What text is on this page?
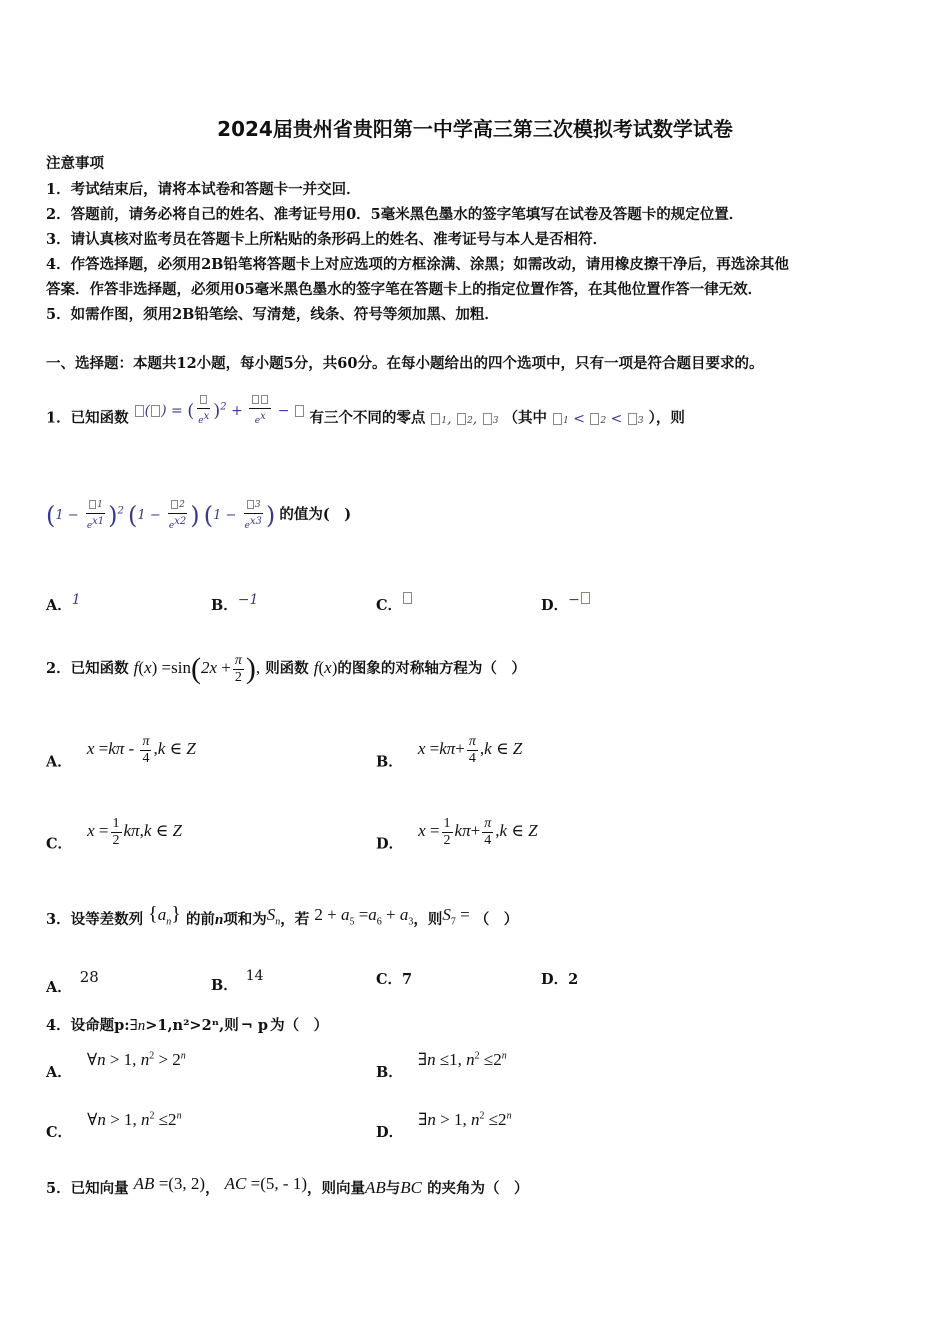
2024届贵州省贵阳第一中学高三第三次模拟考试数学试卷
注意事项
1．考试结束后，请将本试卷和答题卡一并交回．
2．答题前，请务必将自己的姓名、准考证号用0．5毫米黑色墨水的签字笔填写在试卷及答题卡的规定位置．
3．请认真核对监考员在答题卡上所粘贴的条形码上的姓名、准考证号与本人是否相符．
4．作答选择题，必须用2B铅笔将答题卡上对应选项的方框涂满、涂黑；如需改动，请用橡皮擦干净后，再选涂其他
答案．作答非选择题，必须用05毫米黑色墨水的签字笔在答题卡上的指定位置作答，在其他位置作答一律无效．
5．如需作图，须用2B铅笔绘、写清楚，线条、符号等须加黑、加粗．
一、选择题：本题共12小题，每小题5分，共60分。在每小题给出的四个选项中，只有一项是符合题目要求的。
1．已知函数 ( ) = ( $e^x$ )$^2$ +
$e^x$ −  有三个不同的零点 1, 2, 3 （其中 1 < 2 < 3 ），则
$(1 - \frac{1}{e^{x1}} )^2$ ($1 - \frac{2}{e^{x2}}$ ) ($1 - \frac{3}{e^{x3}}$ ) 的值为(　)
A．1	B．−1	C．	D．−
2．已知函数 $f(x) =\sin(2x + \frac{\pi}{2}$ ), 则函数 f(x)的图象的对称轴方程为（　）
A． $x =k\pi - \frac{\pi}{4} ,k$ ∈ Z
B． $x =k\pi+ \frac{\pi}{4} ,k$ ∈ Z
C． $x = \frac{1}{2} k\pi,k$ ∈ Z
D． $x = \frac{1}{2} k\pi+ \frac{\pi}{4} ,k$ ∈ Z
3．设等差数列 $\{a_n\}$ 的前n项和为$S_n$，若 $2 + a_5 =a_6 + a_3$，则$S_7$ = （　）
A．28	B．14	C．7	D．2
4．设命题p:∃n>1,n²>2ⁿ,则 ¬ p 为（　）
A． ∀n > 1, $n^2 > 2^n$
B． ∃n ≤1, $n^2 \le 2^n$
C． ∀n > 1, $n^2 \le 2^n$
D． ∃n > 1, $n^2 \le 2^n$
5．已知向量 AB =(3, 2)， AC =(5, - 1)，则向量AB与BC 的夹角为（　）
